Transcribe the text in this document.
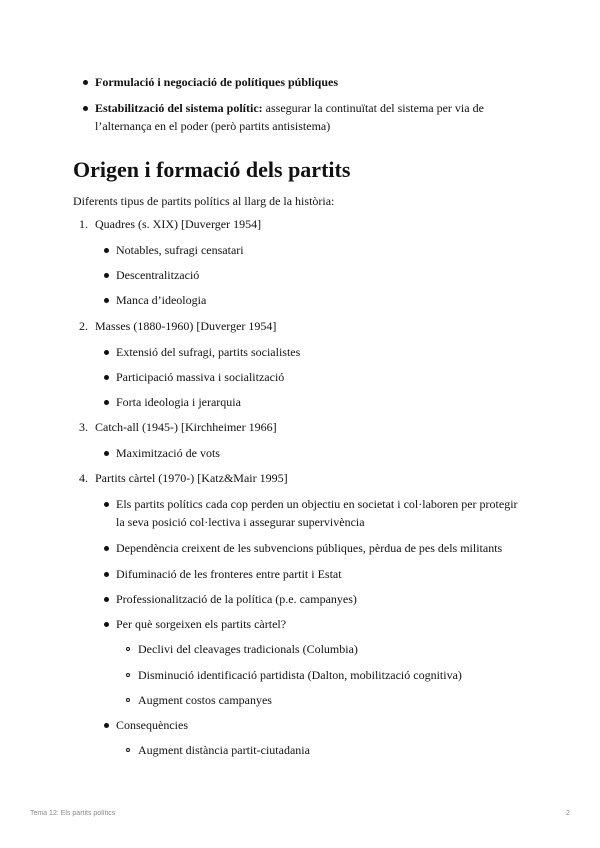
Formulació i negociació de polítiques públiques
Estabilització del sistema polític: assegurar la continuïtat del sistema per via de
l’alternança en el poder (però partits antisistema)
Origen i formació dels partits
Diferents tipus de partits polítics al llarg de la història:
1. Quadres (s. XIX) [Duverger 1954]
Notables, sufragi censatari
Descentralització
Manca d’ideologia
2. Masses (1880-1960) [Duverger 1954]
Extensió del sufragi, partits socialistes
Participació massiva i socialització
Forta ideologia i jerarquia
3. Catch-all (1945-) [Kirchheimer 1966]
Maximització de vots
4. Partits càrtel (1970-) [Katz&Mair 1995]
Els partits polítics cada cop perden un objectiu en societat i col·laboren per protegir
la seva posició col·lectiva i assegurar supervivència
Dependència creixent de les subvencions públiques, pèrdua de pes dels militants
Difuminació de les fronteres entre partit i Estat
Professionalització de la política (p.e. campanyes)
Per què sorgeixen els partits càrtel?
Declivi del cleavages tradicionals (Columbia)
Disminució identificació partidista (Dalton, mobilització cognitiva)
Augment costos campanyes
Consequències
Augment distància partit-ciutadania
Tema 12: Els partits polítics	2
